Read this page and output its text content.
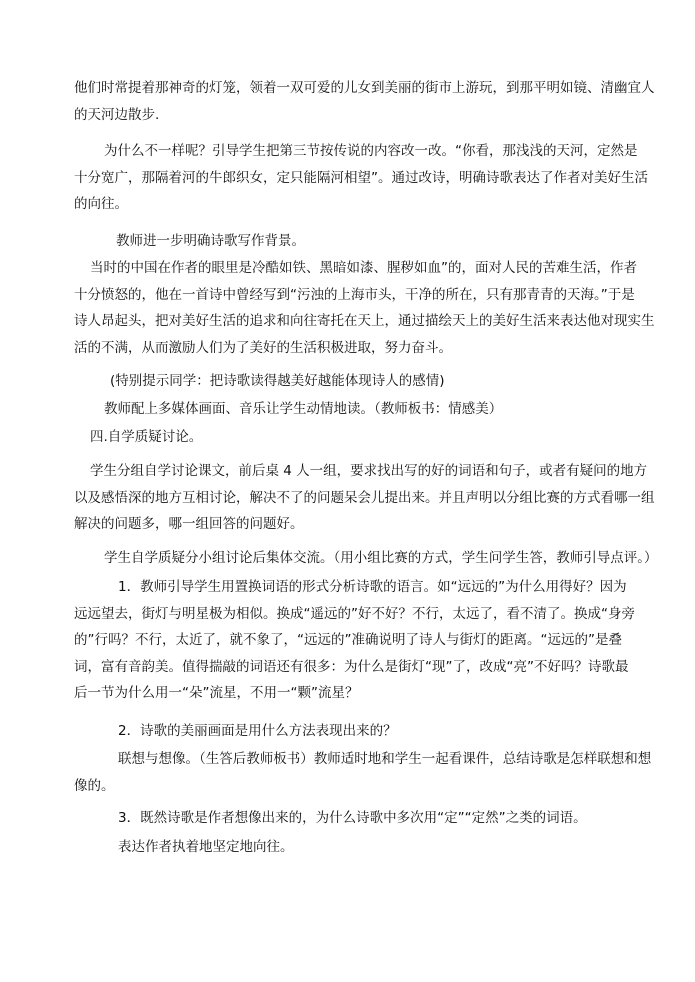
他们时常提着那神奇的灯笼，领着一双可爱的儿女到美丽的街市上游玩，到那平明如镜、清幽宜人
的天河边散步.
为什么不一样呢？引导学生把第三节按传说的内容改一改。“你看，那浅浅的天河，定然是
十分宽广，那隔着河的牛郎织女，定只能隔河相望”。通过改诗，明确诗歌表达了作者对美好生活
的向往。
教师进一步明确诗歌写作背景。
当时的中国在作者的眼里是冷酷如铁、黑暗如漆、腥秽如血”的，面对人民的苦难生活，作者
十分愤怒的，他在一首诗中曾经写到“污浊的上海市头，干净的所在，只有那青青的天海。”于是
诗人昂起头，把对美好生活的追求和向往寄托在天上，通过描绘天上的美好生活来表达他对现实生
活的不满，从而激励人们为了美好的生活积极进取，努力奋斗。
(特别提示同学：把诗歌读得越美好越能体现诗人的感情)
教师配上多媒体画面、音乐让学生动情地读。（教师板书：情感美）
四.自学质疑讨论。
学生分组自学讨论课文，前后桌 4 人一组，要求找出写的好的词语和句子，或者有疑问的地方
以及感悟深的地方互相讨论，解决不了的问题呆会儿提出来。并且声明以分组比赛的方式看哪一组
解决的问题多，哪一组回答的问题好。
学生自学质疑分小组讨论后集体交流。（用小组比赛的方式，学生问学生答，教师引导点评。）
1．教师引导学生用置换词语的形式分析诗歌的语言。如“远远的”为什么用得好？因为
远远望去，街灯与明星极为相似。换成“遥远的”好不好？不行，太远了，看不清了。换成“身旁
的”行吗？不行，太近了，就不象了，“远远的”准确说明了诗人与街灯的距离。“远远的”是叠
词，富有音韵美。值得揣敲的词语还有很多：为什么是街灯“现”了，改成“亮”不好吗？诗歌最
后一节为什么用一“朵”流星，不用一“颗”流星？
2．诗歌的美丽画面是用什么方法表现出来的？
联想与想像。（生答后教师板书）教师适时地和学生一起看课件，总结诗歌是怎样联想和想
像的。
3．既然诗歌是作者想像出来的，为什么诗歌中多次用“定”“定然”之类的词语。
表达作者执着地坚定地向往。
